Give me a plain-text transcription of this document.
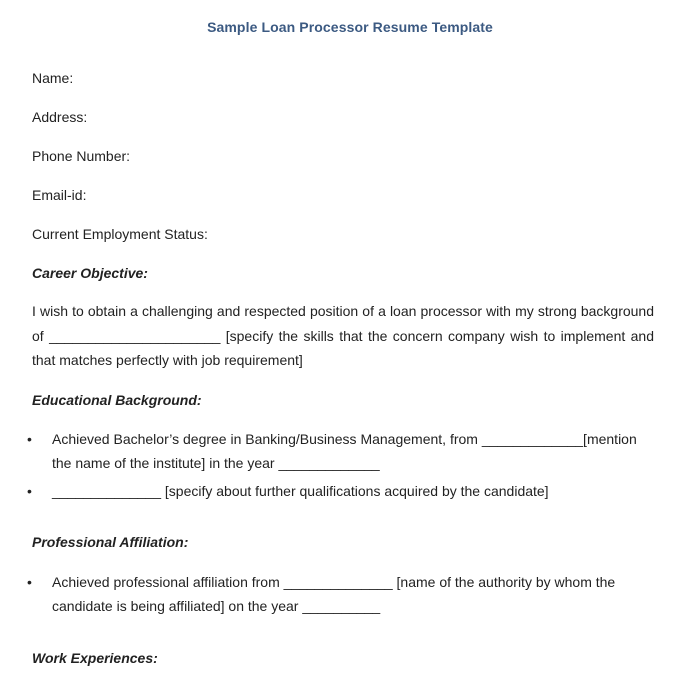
Sample Loan Processor Resume Template
Name:
Address:
Phone Number:
Email-id:
Current Employment Status:
Career Objective:
I wish to obtain a challenging and respected position of a loan processor with my strong background of ______________________ [specify the skills that the concern company wish to implement and that matches perfectly with job requirement]
Educational Background:
• Achieved Bachelor’s degree in Banking/Business Management, from _____________[mention the name of the institute] in the year _____________
• ______________ [specify about further qualifications acquired by the candidate]
Professional Affiliation:
• Achieved professional affiliation from ______________ [name of the authority by whom the candidate is being affiliated] on the year __________
Work Experiences:
